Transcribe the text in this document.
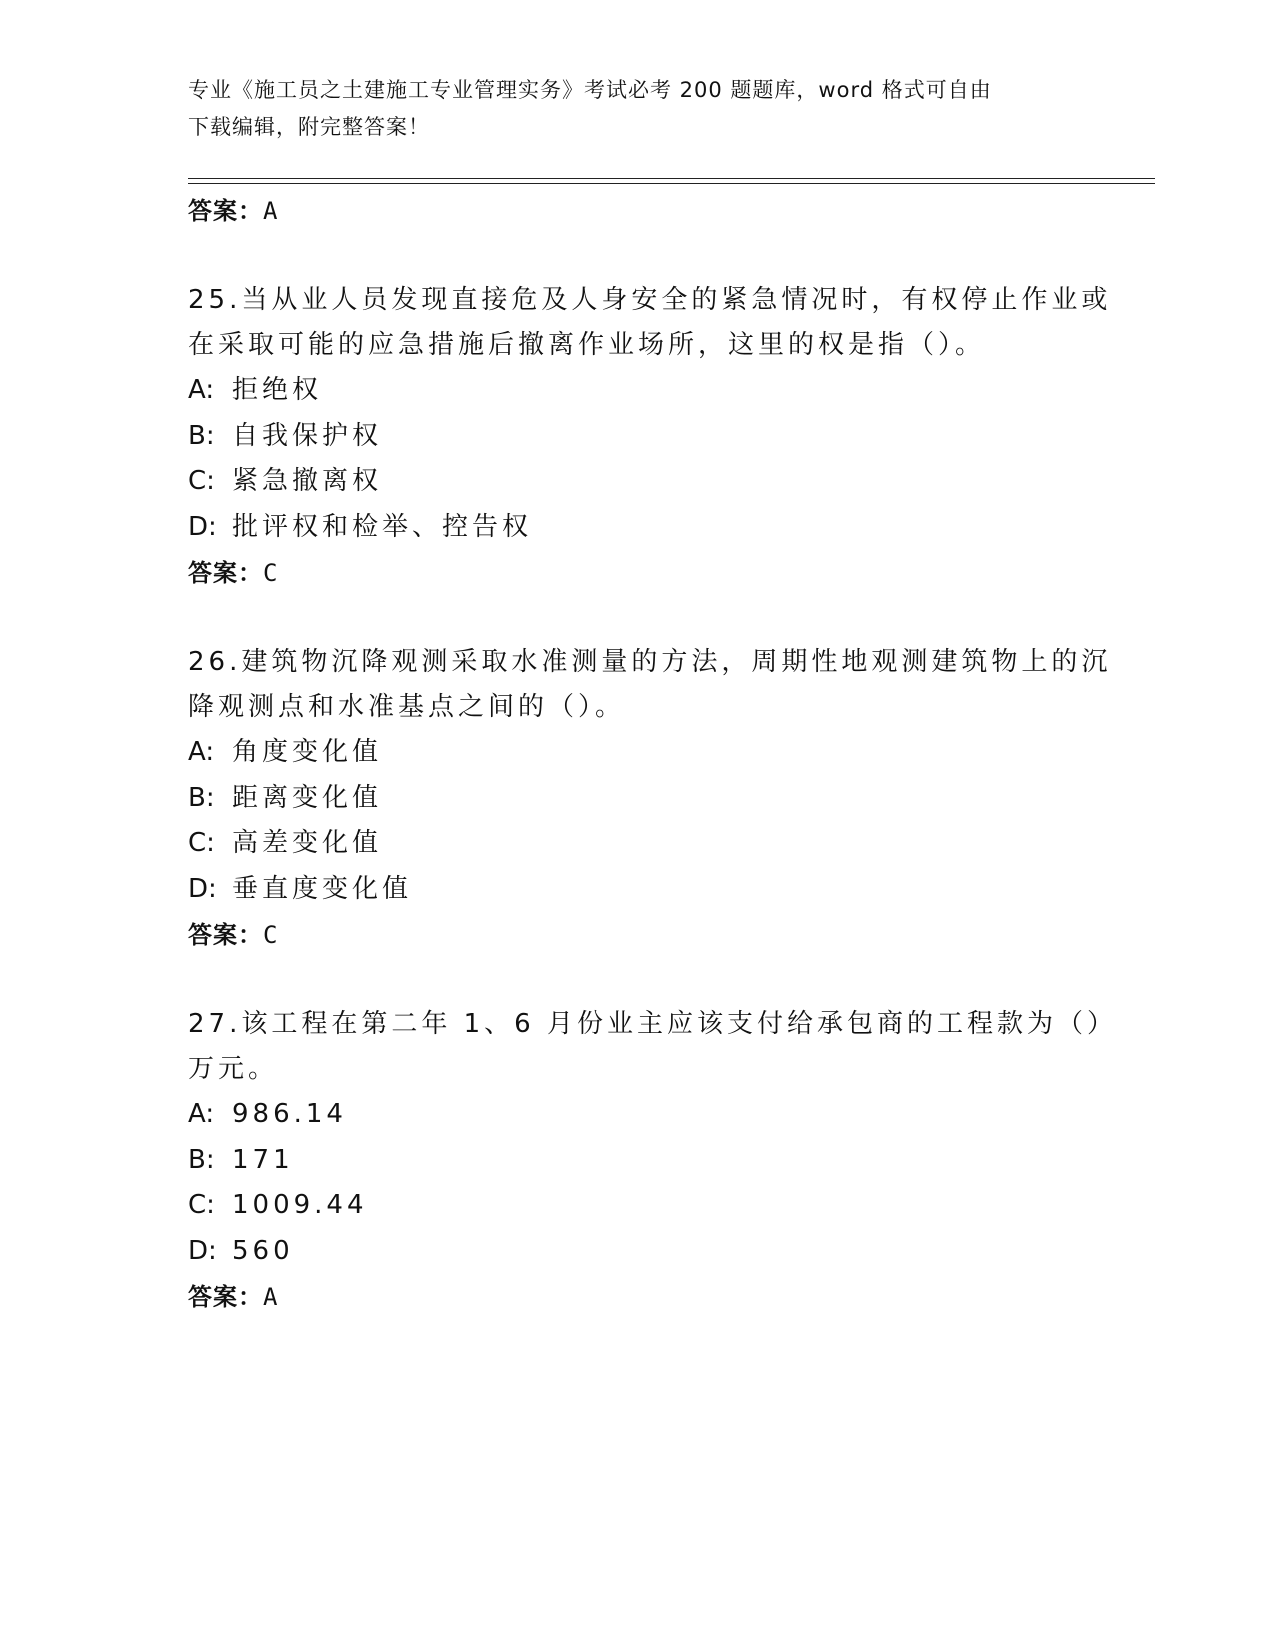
专业《施工员之土建施工专业管理实务》考试必考 200 题题库，word 格式可自由
下载编辑，附完整答案！
答案：A
25.当从业人员发现直接危及人身安全的紧急情况时，有权停止作业或
在采取可能的应急措施后撤离作业场所，这里的权是指（）。
A: 拒绝权
B: 自我保护权
C: 紧急撤离权
D: 批评权和检举、控告权
答案：C
26.建筑物沉降观测采取水准测量的方法，周期性地观测建筑物上的沉
降观测点和水准基点之间的（）。
A: 角度变化值
B: 距离变化值
C: 高差变化值
D: 垂直度变化值
答案：C
27.该工程在第二年 1、6 月份业主应该支付给承包商的工程款为（）
万元。
A: 986.14
B: 171
C: 1009.44
D: 560
答案：A
